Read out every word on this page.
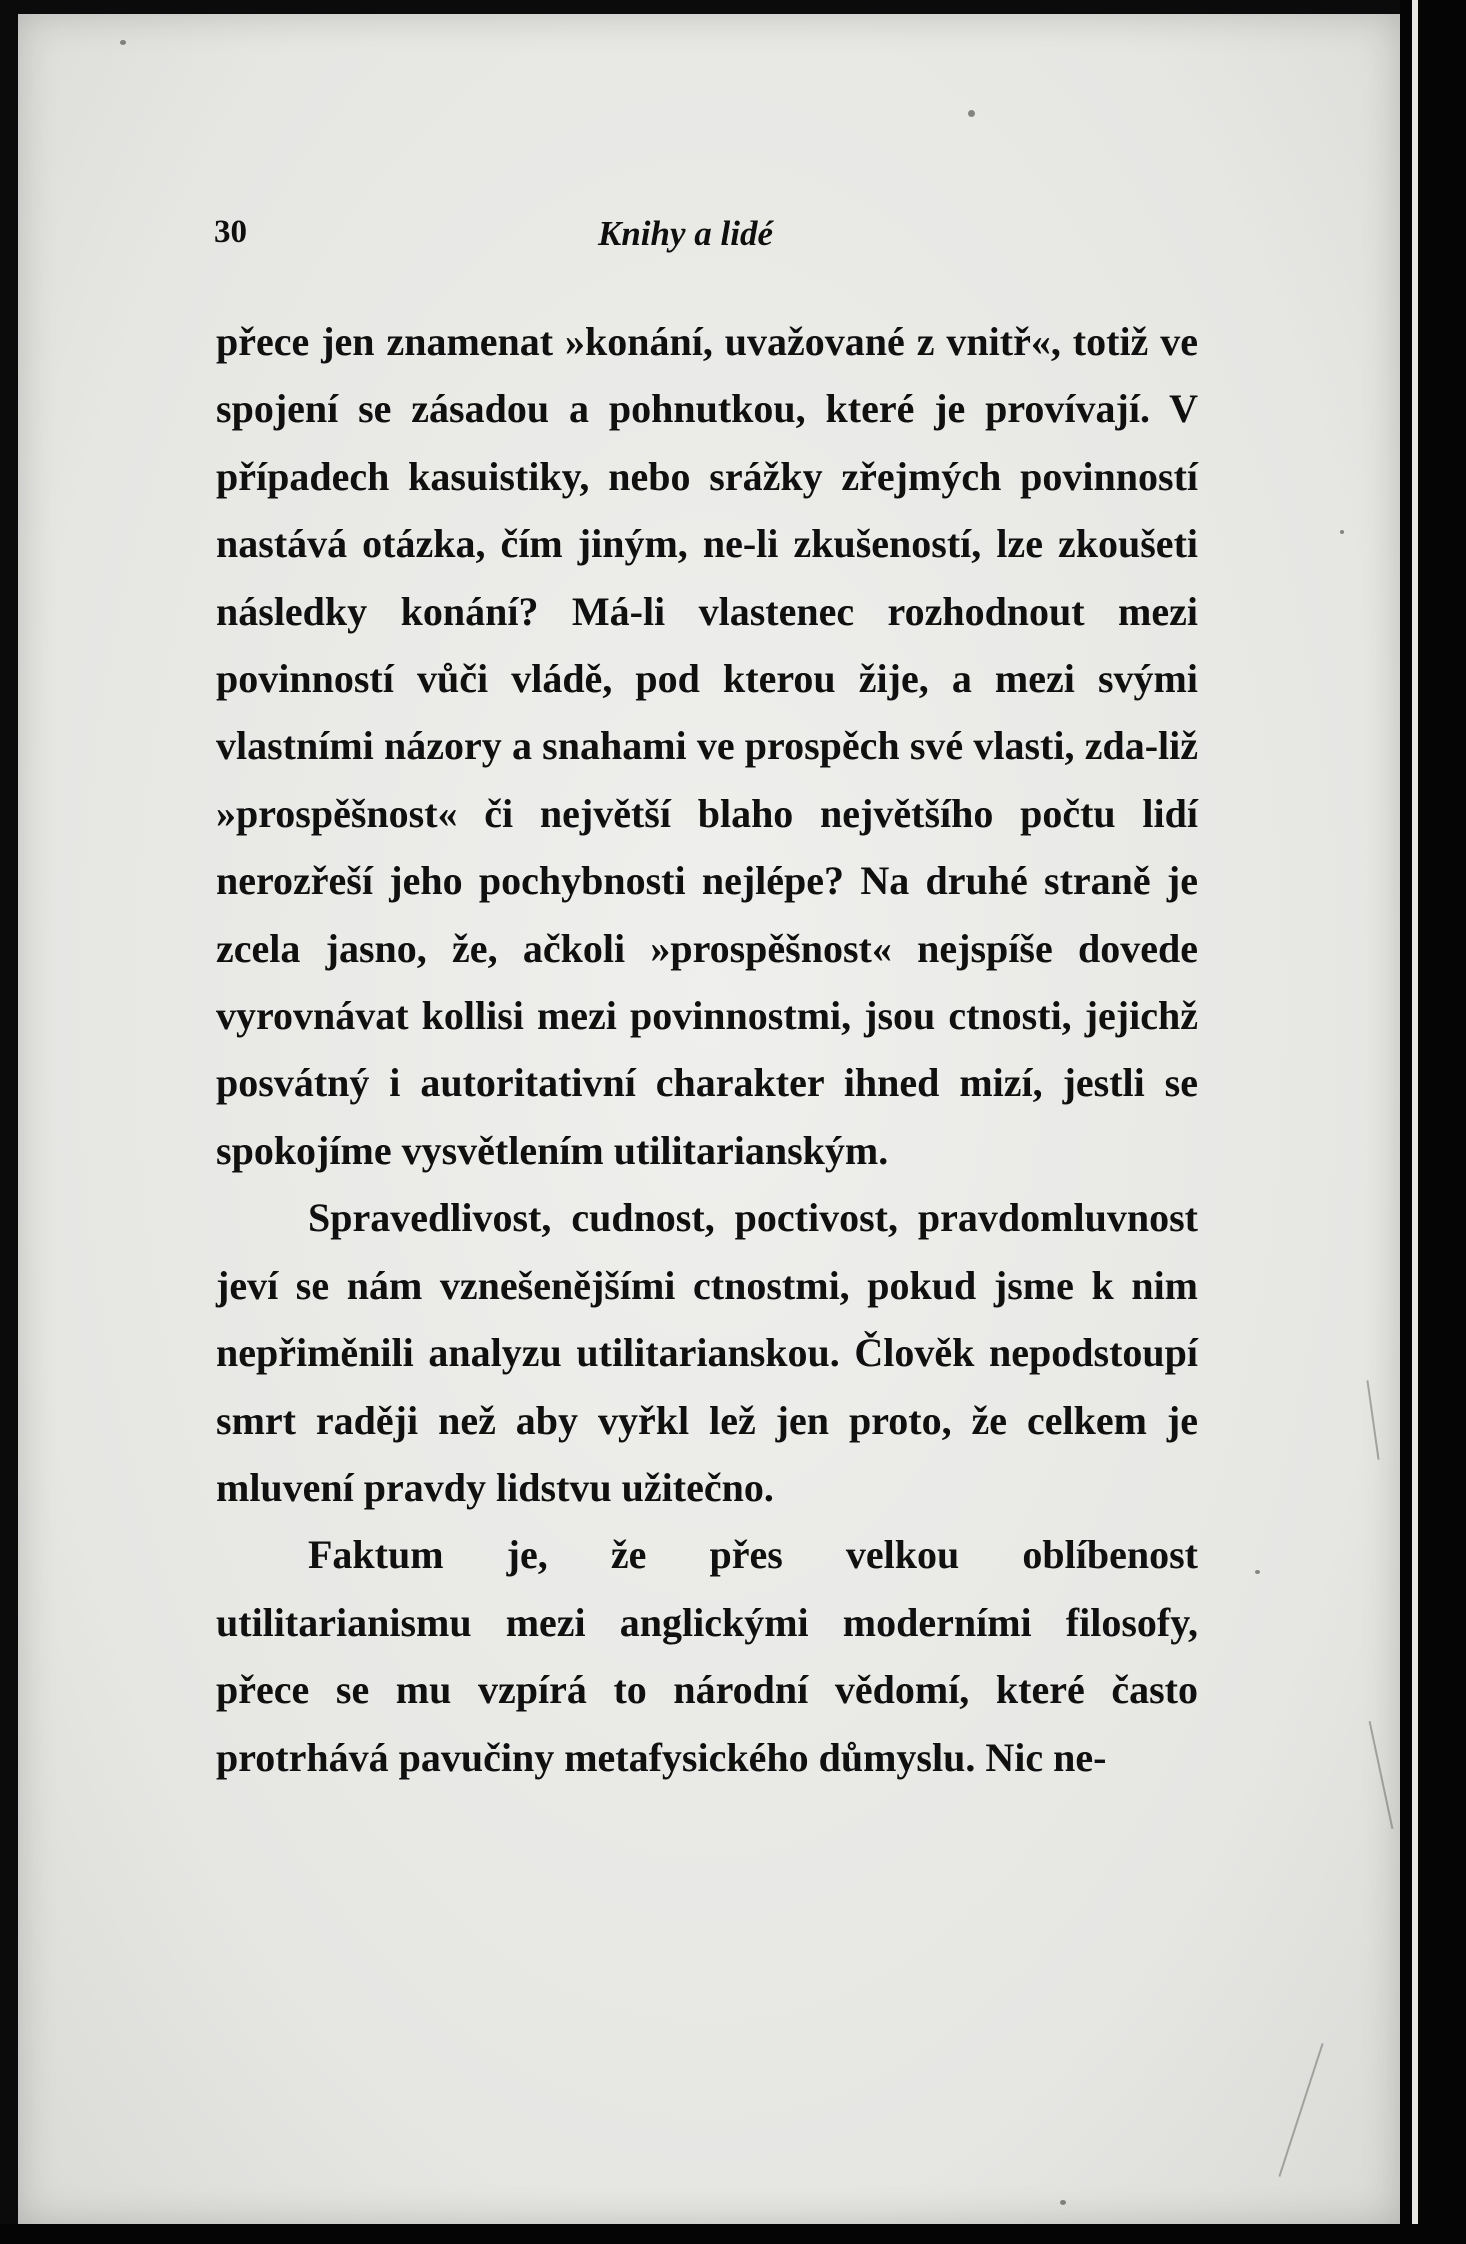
30	Knihy a lidé

přece jen znamenat »konání, uvažované z vnitř«, totiž ve spojení se zásadou a pohnutkou, které je provívají. V případech kasuistiky, nebo srážky zřejmých povinností nastává otázka, čím jiným, ne-li zkušeností, lze zkoušeti následky konání? Má-li vlastenec rozhodnout mezi povinností vůči vládě, pod kterou žije, a mezi svými vlastními názory a snahami ve prospěch své vlasti, zda-liž »prospěšnost« či největší blaho největšího počtu lidí nerozřeší jeho pochybnosti nejlépe? Na druhé straně je zcela jasno, že, ačkoli »prospěšnost« nejspíše dovede vyrovnávat kollisi mezi povinnostmi, jsou ctnosti, jejichž posvátný i autoritativní charakter ihned mizí, jestli se spokojíme vysvětlením utilitarianským.

Spravedlivost, cudnost, poctivost, pravdomluvnost jeví se nám vznešenějšími ctnostmi, pokud jsme k nim nepřiměnili analyzu utilitarianskou. Člověk nepodstoupí smrt raději než aby vyřkl lež jen proto, že celkem je mluvení pravdy lidstvu užitečno.

Faktum je, že přes velkou oblíbenost utilitarianismu mezi anglickými moderními filosofy, přece se mu vzpírá to národní vědomí, které často protrhává pavučiny metafysického důmyslu. Nic ne-
